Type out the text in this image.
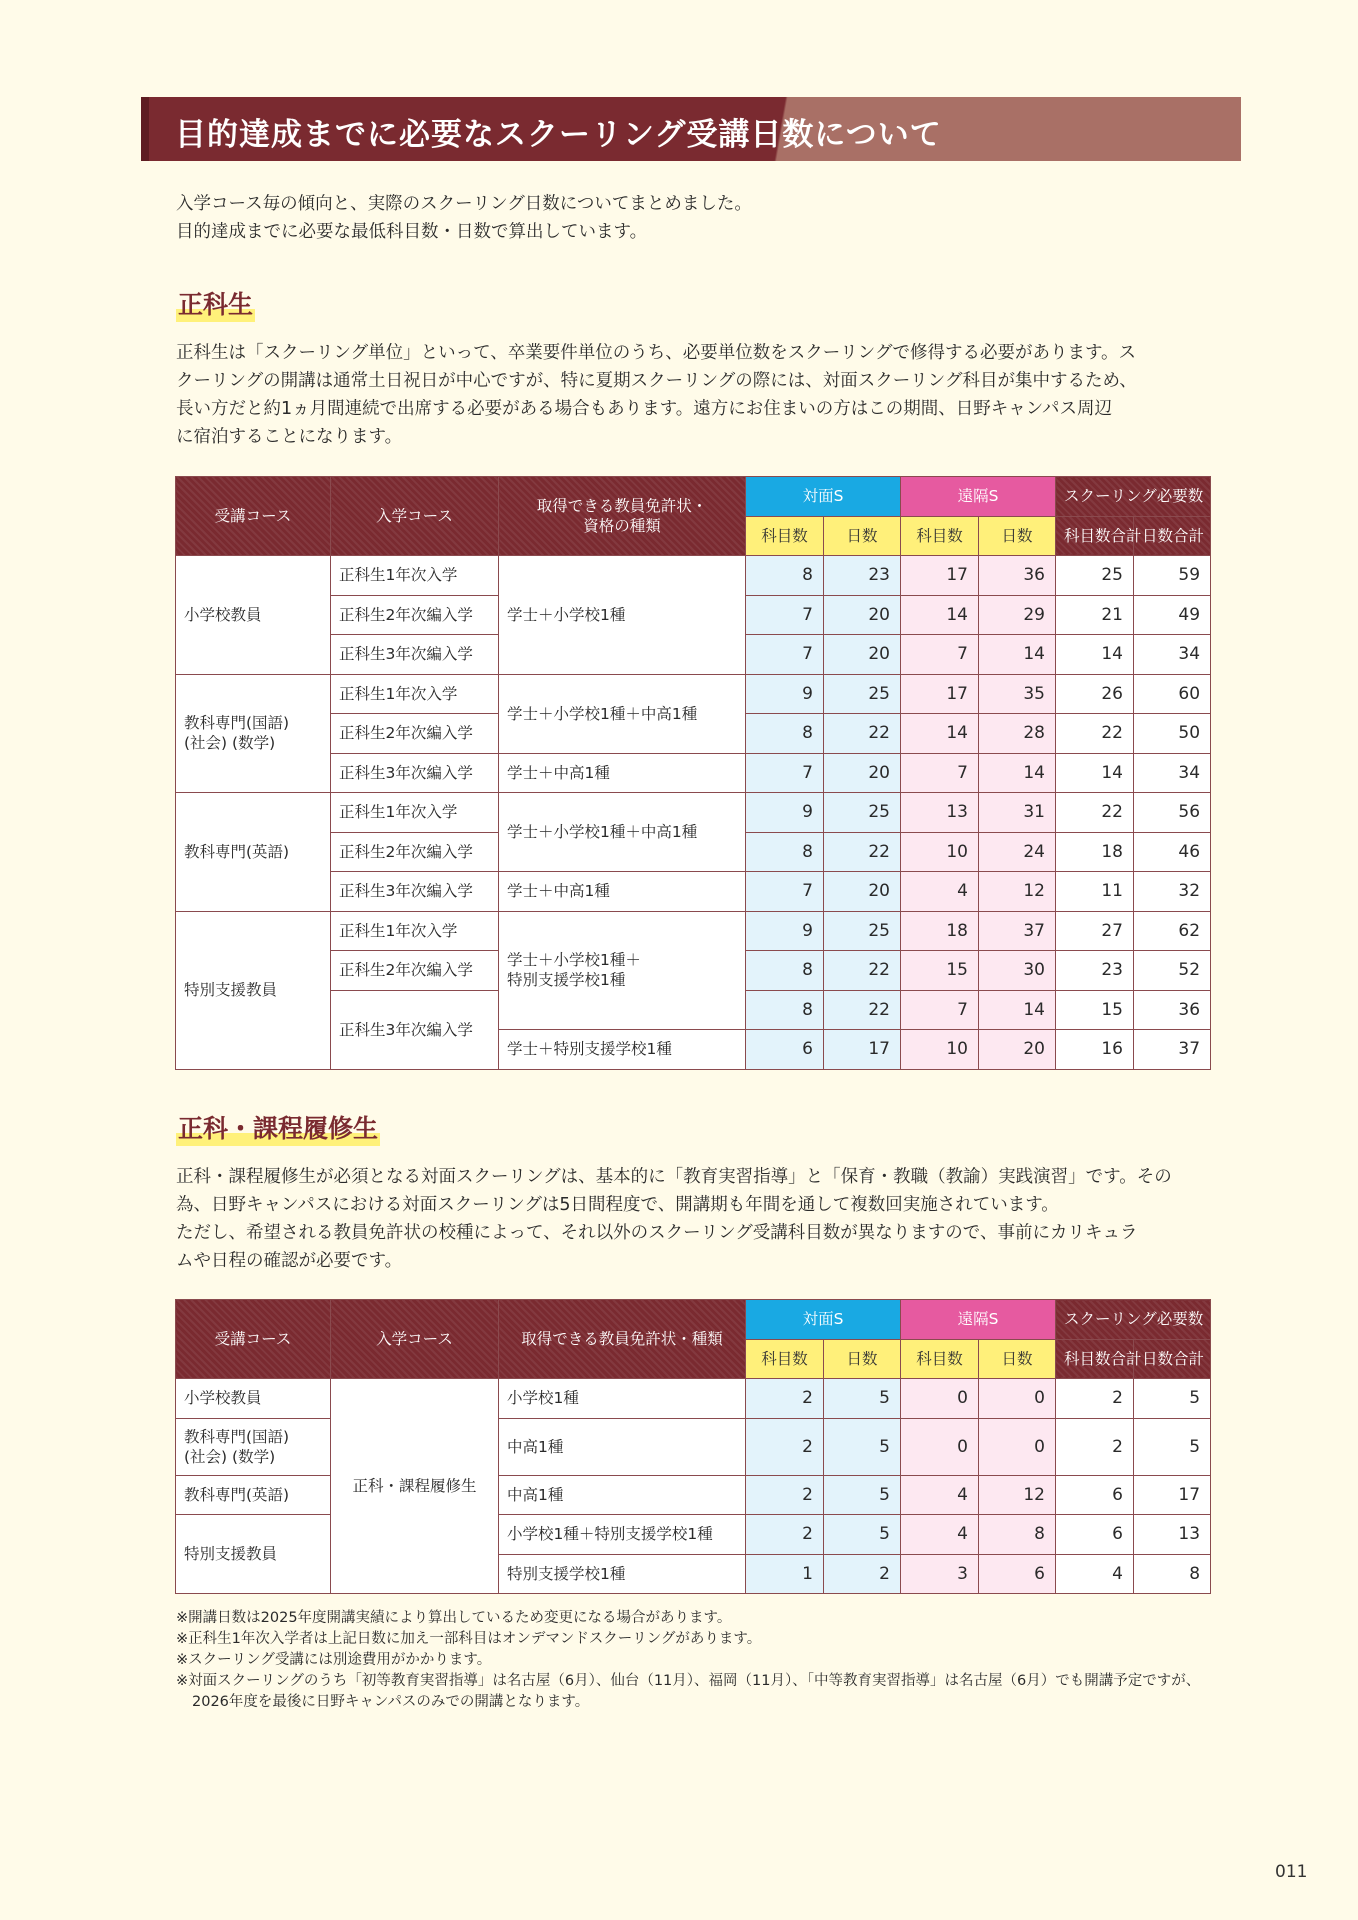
目的達成までに必要なスクーリング受講日数について
入学コース毎の傾向と、実際のスクーリング日数についてまとめました。
目的達成までに必要な最低科目数・日数で算出しています。
正科生

正科生は「スクーリング単位」といって、卒業要件単位のうち、必要単位数をスクーリングで修得する必要があります。ス

クーリングの開講は通常土日祝日が中心ですが、特に夏期スクーリングの際には、対面スクーリング科目が集中するため、

長い方だと約1ヵ月間連続で出席する必要がある場合もあります。遠方にお住まいの方はこの期間、日野キャンパス周辺

に宿泊することになります。

受講コース	入学コース	取得できる教員免許状・
資格の種類	対面S		遠隔S		スクーリング必要数	
			科目数	日数	科目数	日数	科目数合計	日数合計
小学校教員	正科生1年次入学	学士＋小学校1種	8	23	17	36	25	59
	正科生2年次編入学		7	20	14	29	21	49
	正科生3年次編入学		7	20	7	14	14	34
教科専門(国語)
(社会) (数学)	正科生1年次入学	学士＋小学校1種＋中高1種	9	25	17	35	26	60
	正科生2年次編入学		8	22	14	28	22	50
	正科生3年次編入学	学士＋中高1種	7	20	7	14	14	34
教科専門(英語)	正科生1年次入学	学士＋小学校1種＋中高1種	9	25	13	31	22	56
	正科生2年次編入学		8	22	10	24	18	46
	正科生3年次編入学	学士＋中高1種	7	20	4	12	11	32
特別支援教員	正科生1年次入学	学士＋小学校1種＋
特別支援学校1種	9	25	18	37	27	62
	正科生2年次編入学		8	22	15	30	23	52
	正科生3年次編入学		8	22	7	14	15	36
		学士＋特別支援学校1種	6	17	10	20	16	37
正科・課程履修生

正科・課程履修生が必須となる対面スクーリングは、基本的に「教育実習指導」と「保育・教職（教諭）実践演習」です。その

為、日野キャンパスにおける対面スクーリングは5日間程度で、開講期も年間を通して複数回実施されています。

ただし、希望される教員免許状の校種によって、それ以外のスクーリング受講科目数が異なりますので、事前にカリキュラ

ムや日程の確認が必要です。

受講コース	入学コース	取得できる教員免許状・種類	対面S		遠隔S		スクーリング必要数	
			科目数	日数	科目数	日数	科目数合計	日数合計
小学校教員	正科・課程履修生	小学校1種	2	5	0	0	2	5
教科専門(国語)
(社会) (数学)		中高1種	2	5	0	0	2	5
教科専門(英語)		中高1種	2	5	4	12	6	17
特別支援教員		小学校1種＋特別支援学校1種	2	5	4	8	6	13
		特別支援学校1種	1	2	3	6	4	8
※開講日数は2025年度開講実績により算出しているため変更になる場合があります。
※正科生1年次入学者は上記日数に加え一部科目はオンデマンドスクーリングがあります。
※スクーリング受講には別途費用がかかります。
※対面スクーリングのうち「初等教育実習指導」は名古屋（6月）、仙台（11月）、福岡（11月）、「中等教育実習指導」は名古屋（6月）でも開講予定ですが、2026年度を最後に日野キャンパスのみでの開講となります。
011
